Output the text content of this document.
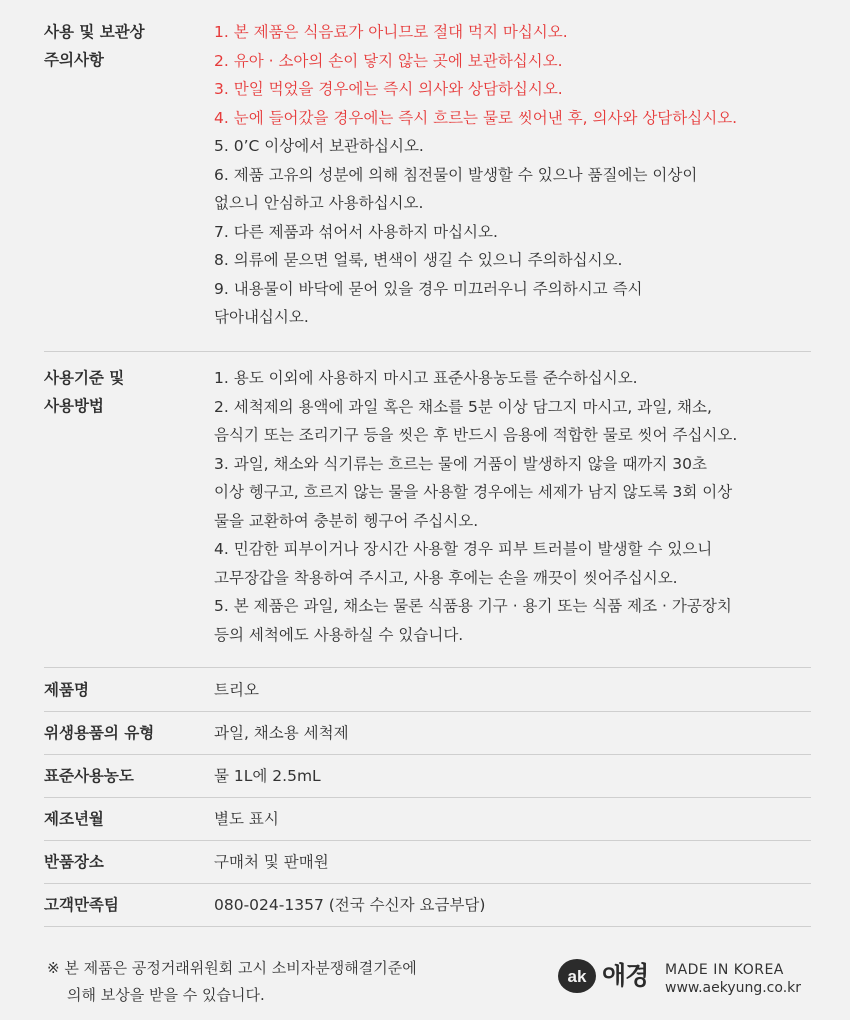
사용 및 보관상
주의사항
1. 본 제품은 식음료가 아니므로 절대 먹지 마십시오.
2. 유아 · 소아의 손이 닿지 않는 곳에 보관하십시오.
3. 만일 먹었을 경우에는 즉시 의사와 상담하십시오.
4. 눈에 들어갔을 경우에는 즉시 흐르는 물로 씻어낸 후, 의사와 상담하십시오.
5. 0’C 이상에서 보관하십시오.
6. 제품 고유의 성분에 의해 침전물이 발생할 수 있으나 품질에는 이상이
없으니 안심하고 사용하십시오.
7. 다른 제품과 섞어서 사용하지 마십시오.
8. 의류에 묻으면 얼룩, 변색이 생길 수 있으니 주의하십시오.
9. 내용물이 바닥에 묻어 있을 경우 미끄러우니 주의하시고 즉시
닦아내십시오.
사용기준 및
사용방법
1. 용도 이외에 사용하지 마시고 표준사용농도를 준수하십시오.
2. 세척제의 용액에 과일 혹은 채소를 5분 이상 담그지 마시고, 과일, 채소,
음식기 또는 조리기구 등을 씻은 후 반드시 음용에 적합한 물로 씻어 주십시오.
3. 과일, 채소와 식기류는 흐르는 물에 거품이 발생하지 않을 때까지 30초
이상 헹구고, 흐르지 않는 물을 사용할 경우에는 세제가 남지 않도록 3회 이상
물을 교환하여 충분히 헹구어 주십시오.
4. 민감한 피부이거나 장시간 사용할 경우 피부 트러블이 발생할 수 있으니
고무장갑을 착용하여 주시고, 사용 후에는 손을 깨끗이 씻어주십시오.
5. 본 제품은 과일, 채소는 물론 식품용 기구 · 용기 또는 식품 제조 · 가공장치
등의 세척에도 사용하실 수 있습니다.
제품명	트리오
위생용품의 유형	과일, 채소용 세척제
표준사용농도	물 1L에 2.5mL
제조년월	별도 표시
반품장소	구매처 및 판매원
고객만족팀	080-024-1357 (전국 수신자 요금부담)
※ 본 제품은 공정거래위원회 고시 소비자분쟁해결기준에
의해 보상을 받을 수 있습니다.
ak 애경 MADE IN KOREA
www.aekyung.co.kr
